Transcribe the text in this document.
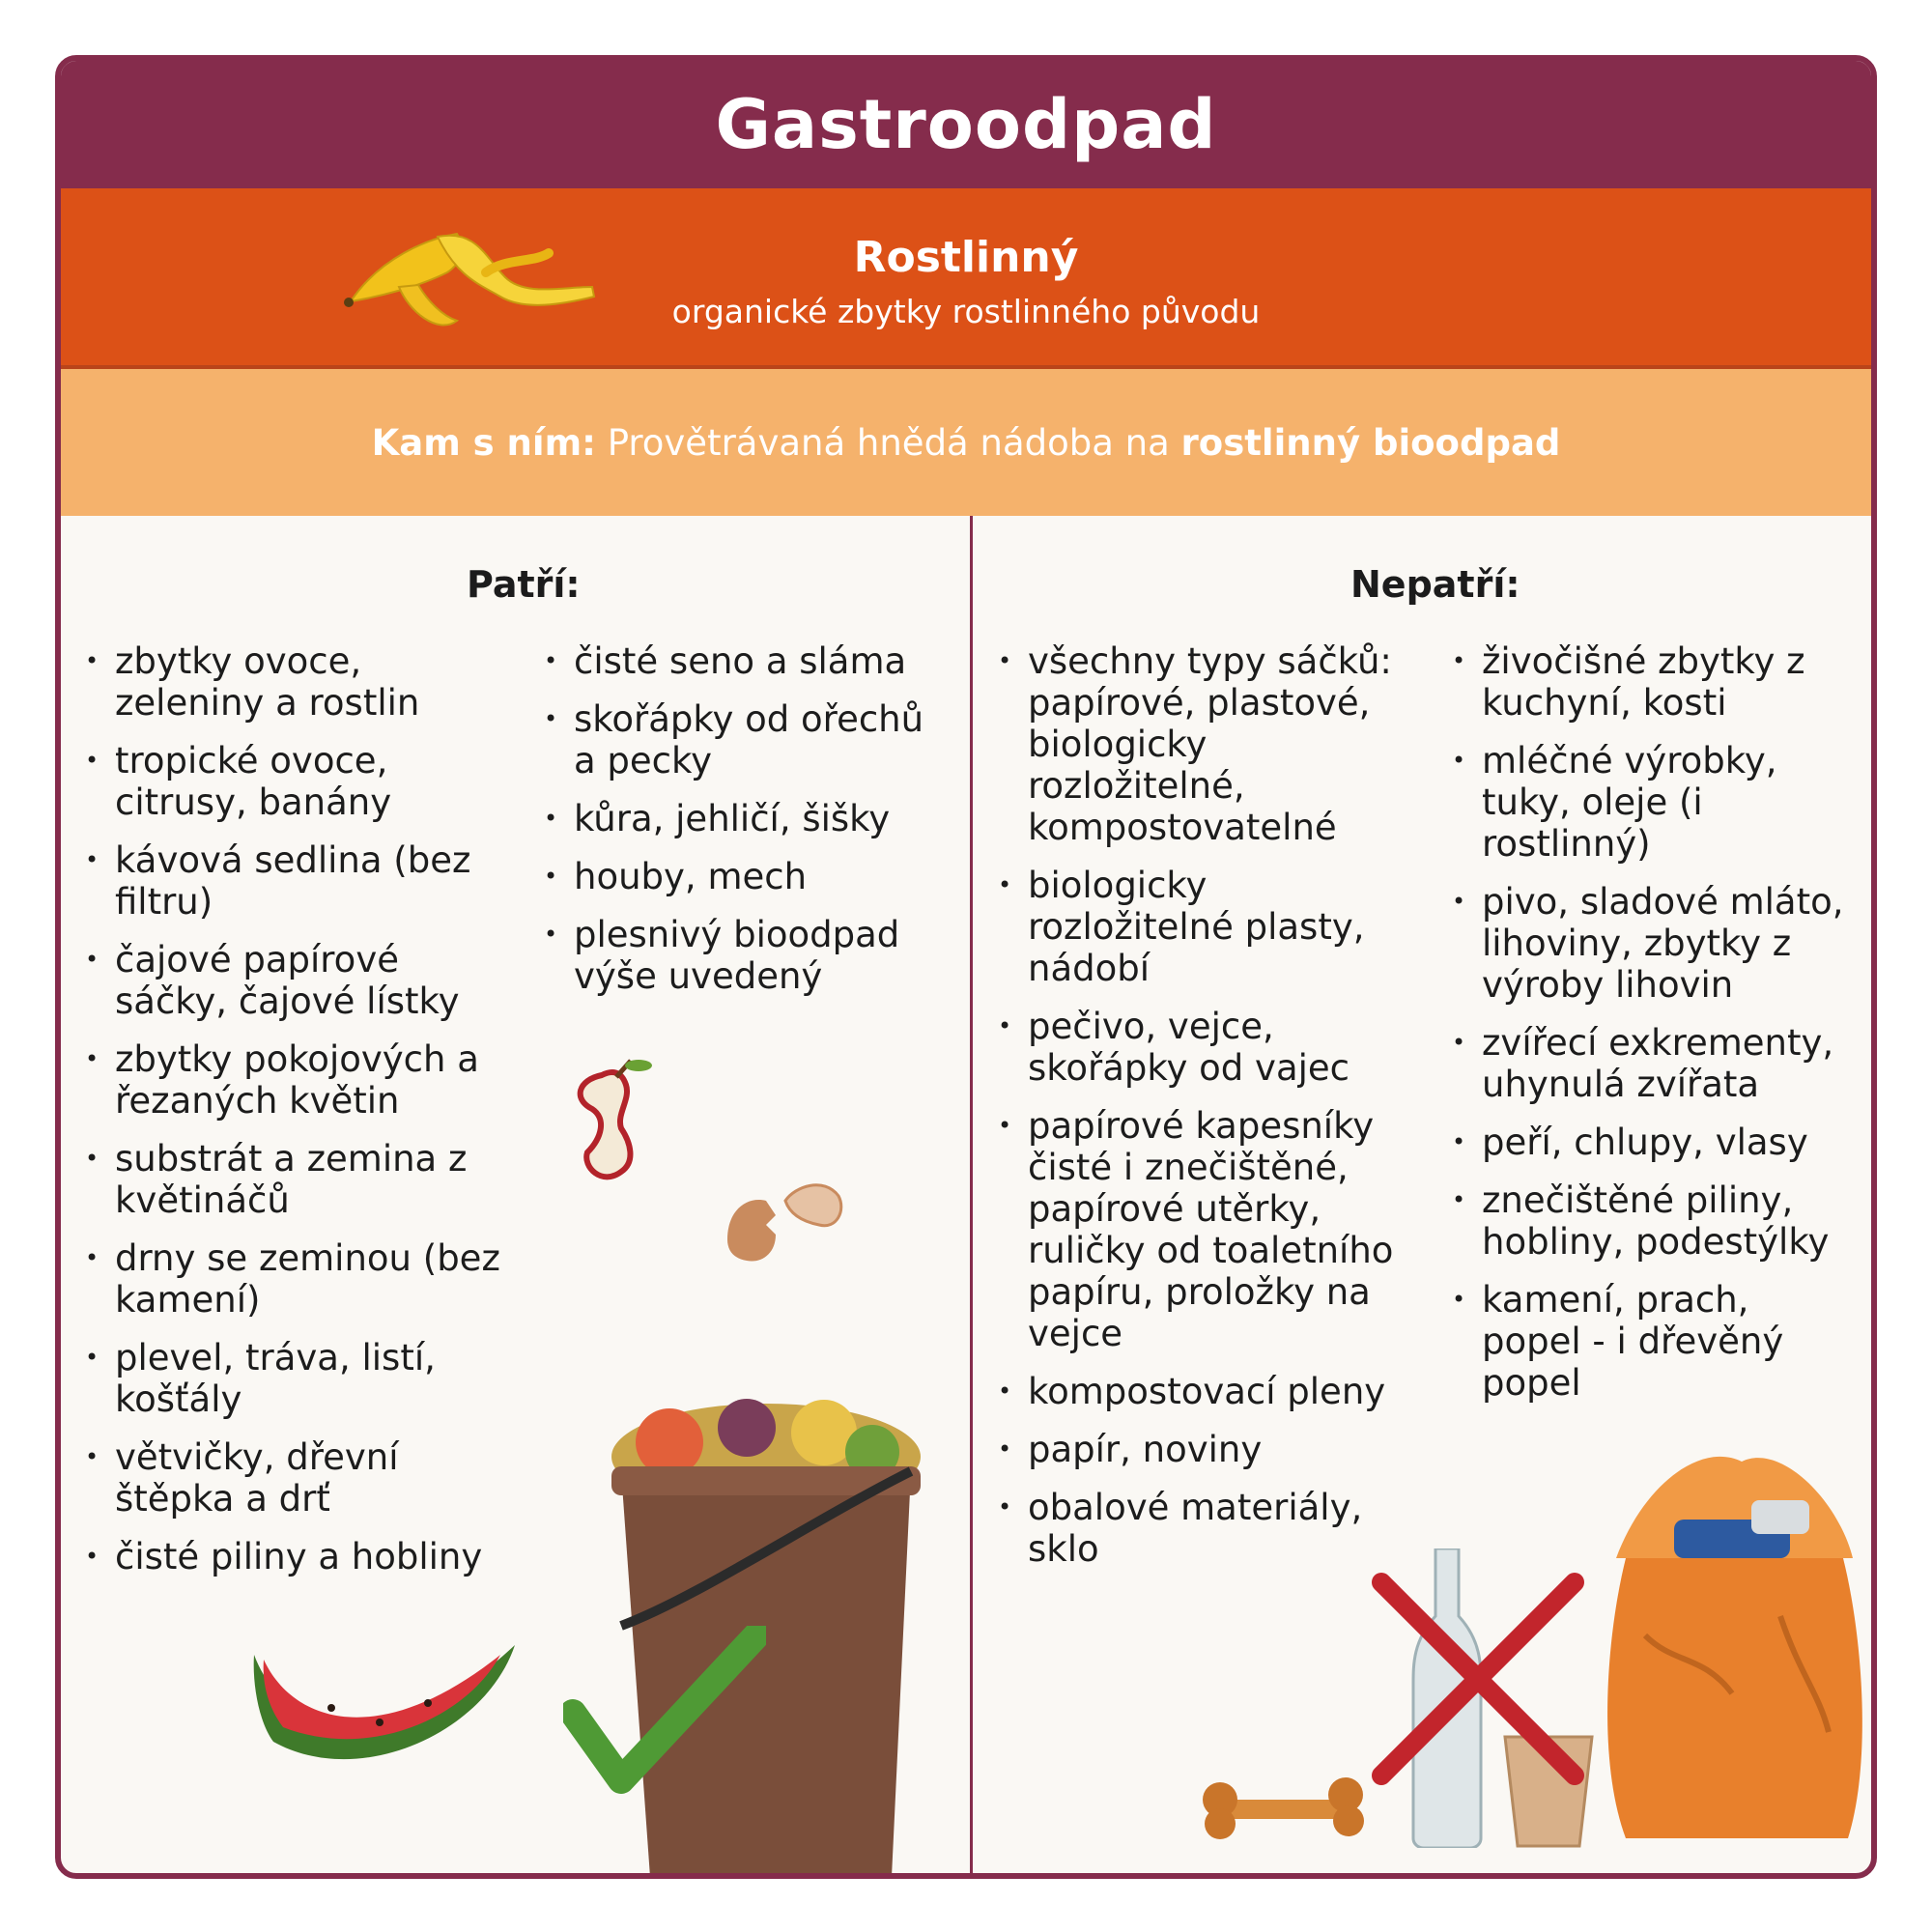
Gastroodpad
Rostlinný
organické zbytky rostlinného původu
Kam s ním: Provětrávaná hnědá nádoba na rostlinný bioodpad
Patří:
• zbytky ovoce, zeleniny a rostlin
• tropické ovoce, citrusy, banány
• kávová sedlina (bez filtru)
• čajové papírové sáčky, čajové lístky
• zbytky pokojových a řezaných květin
• substrát a zemina z květináčů
• drny se zeminou (bez kamení)
• plevel, tráva, listí, košťály
• větvičky, dřevní štěpka a drť
• čisté piliny a hobliny
• čisté seno a sláma
• skořápky od ořechů a pecky
• kůra, jehličí, šišky
• houby, mech
• plesnivý bioodpad výše uvedený
Nepatří:
• všechny typy sáčků: papírové, plastové, biologicky rozložitelné, kompostovatelné
• biologicky rozložitelné plasty, nádobí
• pečivo, vejce, skořápky od vajec
• papírové kapesníky čisté i znečištěné, papírové utěrky, ruličky od toaletního papíru, proložky na vejce
• kompostovací pleny
• papír, noviny
• obalové materiály, sklo
• živočišné zbytky z kuchyní, kosti
• mléčné výrobky, tuky, oleje (i rostlinný)
• pivo, sladové mláto, lihoviny, zbytky z výroby lihovin
• zvířecí exkrementy, uhynulá zvířata
• peří, chlupy, vlasy
• znečištěné piliny, hobliny, podestýlky
• kamení, prach, popel - i dřevěný popel
